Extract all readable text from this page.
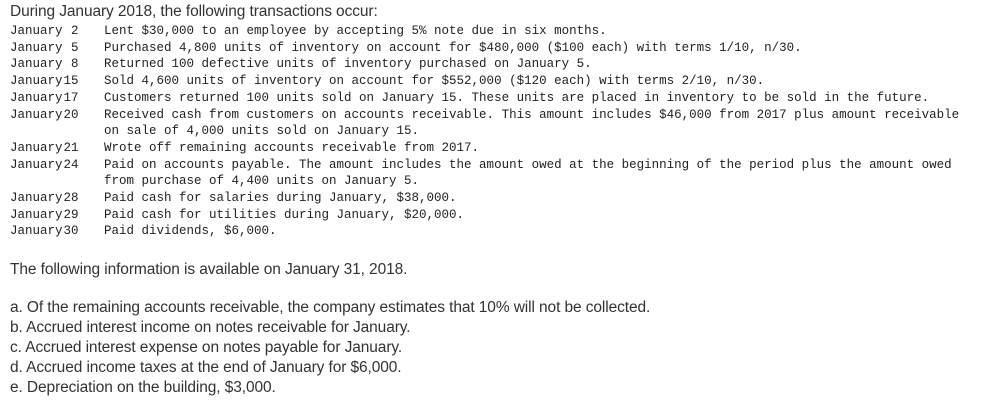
During January 2018, the following transactions occur:

January 2	Lent $30,000 to an employee by accepting 5% note due in six months.
January 5	Purchased 4,800 units of inventory on account for $480,000 ($100 each) with terms 1/10, n/30.
January 8	Returned 100 defective units of inventory purchased on January 5.
January15	Sold 4,600 units of inventory on account for $552,000 ($120 each) with terms 2/10, n/30.
January17	Customers returned 100 units sold on January 15. These units are placed in inventory to be sold in the future.
January20	Received cash from customers on accounts receivable. This amount includes $46,000 from 2017 plus amount receivable
	on sale of 4,000 units sold on January 15.
January21	Wrote off remaining accounts receivable from 2017.
January24	Paid on accounts payable. The amount includes the amount owed at the beginning of the period plus the amount owed
	from purchase of 4,400 units on January 5.
January28	Paid cash for salaries during January, $38,000.
January29	Paid cash for utilities during January, $20,000.
January30	Paid dividends, $6,000.
The following information is available on January 31, 2018.
a. Of the remaining accounts receivable, the company estimates that 10% will not be collected.
b. Accrued interest income on notes receivable for January.
c. Accrued interest expense on notes payable for January.
d. Accrued income taxes at the end of January for $6,000.
e. Depreciation on the building, $3,000.
